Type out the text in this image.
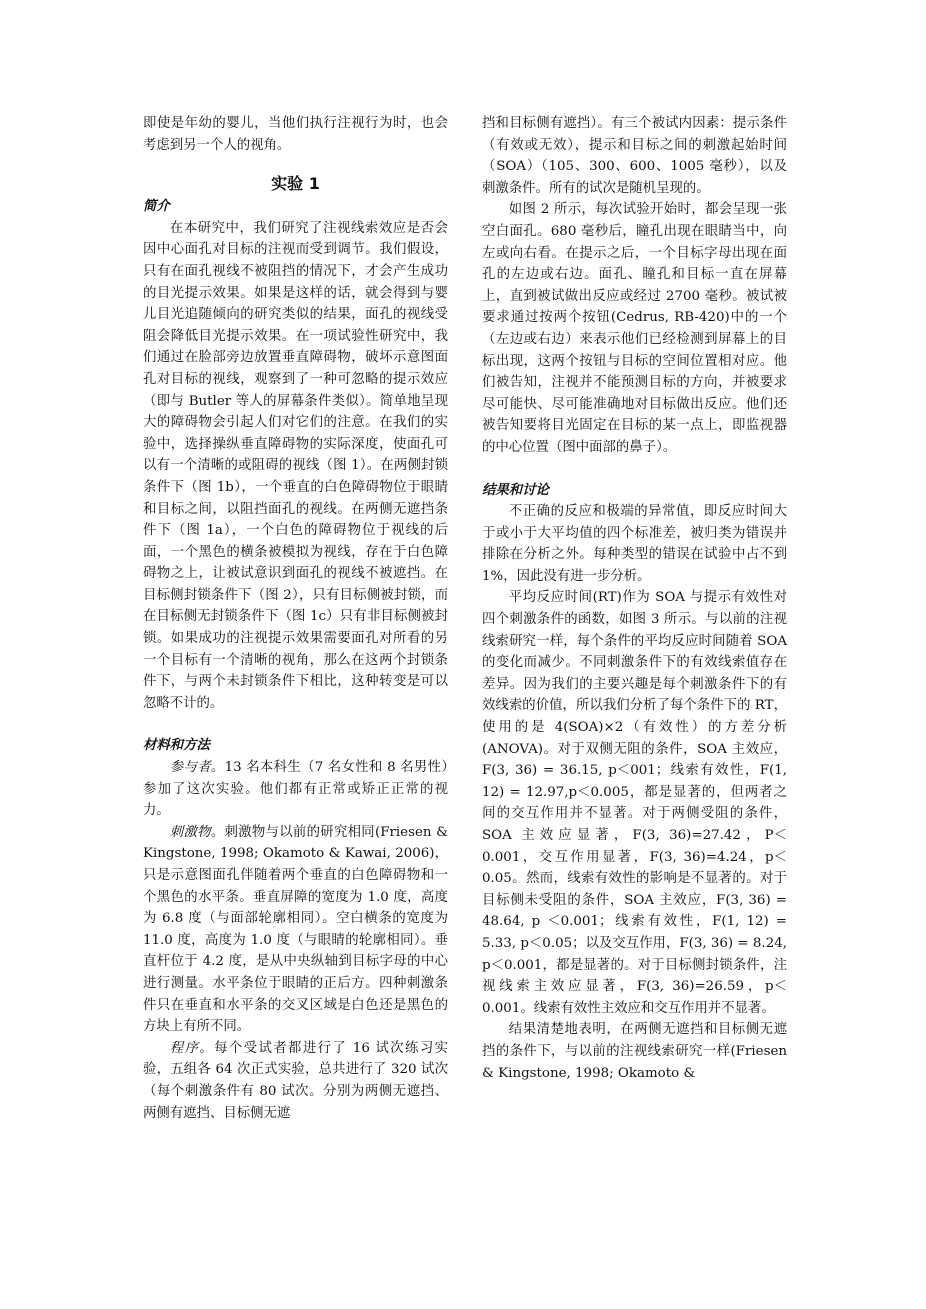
即使是年幼的婴儿，当他们执行注视行为时，也会考虑到另一个人的视角。

实验 1
简介

在本研究中，我们研究了注视线索效应是否会因中心面孔对目标的注视而受到调节。我们假设，只有在面孔视线不被阻挡的情况下，才会产生成功的目光提示效果。如果是这样的话，就会得到与婴儿目光追随倾向的研究类似的结果，面孔的视线受阻会降低目光提示效果。在一项试验性研究中，我们通过在脸部旁边放置垂直障碍物，破坏示意图面孔对目标的视线，观察到了一种可忽略的提示效应（即与 Butler 等人的屏幕条件类似）。简单地呈现大的障碍物会引起人们对它们的注意。在我们的实验中，选择操纵垂直障碍物的实际深度，使面孔可以有一个清晰的或阻碍的视线（图 1）。在两侧封锁条件下（图 1b），一个垂直的白色障碍物位于眼睛和目标之间，以阻挡面孔的视线。在两侧无遮挡条件下（图 1a），一个白色的障碍物位于视线的后面，一个黑色的横条被模拟为视线，存在于白色障碍物之上，让被试意识到面孔的视线不被遮挡。在目标侧封锁条件下（图 2），只有目标侧被封锁，而在目标侧无封锁条件下（图 1c）只有非目标侧被封锁。如果成功的注视提示效果需要面孔对所看的另一个目标有一个清晰的视角，那么在这两个封锁条件下，与两个未封锁条件下相比，这种转变是可以忽略不计的。

材料和方法

参与者。13 名本科生（7 名女性和 8 名男性）参加了这次实验。他们都有正常或矫正正常的视力。

刺激物。刺激物与以前的研究相同(Friesen & Kingstone, 1998; Okamoto & Kawai, 2006)，只是示意图面孔伴随着两个垂直的白色障碍物和一个黑色的水平条。垂直屏障的宽度为 1.0 度，高度为 6.8 度（与面部轮廓相同）。空白横条的宽度为 11.0 度，高度为 1.0 度（与眼睛的轮廓相同）。垂直杆位于 4.2 度，是从中央纵轴到目标字母的中心进行测量。水平条位于眼睛的正后方。四种刺激条件只在垂直和水平条的交叉区域是白色还是黑色的方块上有所不同。

程序。每个受试者都进行了 16 试次练习实验，五组各 64 次正式实验，总共进行了 320 试次（每个刺激条件有 80 试次。分别为两侧无遮挡、两侧有遮挡、目标侧无遮

挡和目标侧有遮挡）。有三个被试内因素：提示条件（有效或无效），提示和目标之间的刺激起始时间（SOA）（105、300、600、1005 毫秒），以及刺激条件。所有的试次是随机呈现的。

如图 2 所示，每次试验开始时，都会呈现一张空白面孔。680 毫秒后，瞳孔出现在眼睛当中，向左或向右看。在提示之后，一个目标字母出现在面孔的左边或右边。面孔、瞳孔和目标一直在屏幕上，直到被试做出反应或经过 2700 毫秒。被试被要求通过按两个按钮(Cedrus, RB-420)中的一个（左边或右边）来表示他们已经检测到屏幕上的目标出现，这两个按钮与目标的空间位置相对应。他们被告知，注视并不能预测目标的方向，并被要求尽可能快、尽可能准确地对目标做出反应。他们还被告知要将目光固定在目标的某一点上，即监视器的中心位置（图中面部的鼻子）。

结果和讨论

不正确的反应和极端的异常值，即反应时间大于或小于大平均值的四个标准差，被归类为错误并排除在分析之外。每种类型的错误在试验中占不到 1%，因此没有进一步分析。

平均反应时间(RT)作为 SOA 与提示有效性对四个刺激条件的函数，如图 3 所示。与以前的注视线索研究一样，每个条件的平均反应时间随着 SOA 的变化而减少。不同刺激条件下的有效线索值存在差异。因为我们的主要兴趣是每个刺激条件下的有效线索的价值，所以我们分析了每个条件下的 RT，使用的是 4(SOA)×2（有效性）的方差分析(ANOVA)。对于双侧无阻的条件，SOA 主效应，F(3, 36) = 36.15, p＜001；线索有效性，F(1, 12) = 12.97,p＜0.005，都是显著的，但两者之间的交互作用并不显著。对于两侧受阻的条件，SOA 主效应显著，F(3, 36)=27.42，P＜0.001，交互作用显著，F(3, 36)=4.24，p＜0.05。然而，线索有效性的影响是不显著的。对于目标侧未受阻的条件，SOA 主效应，F(3, 36) = 48.64, p ＜0.001；线索有效性，F(1, 12) = 5.33, p＜0.05；以及交互作用，F(3, 36) = 8.24, p＜0.001，都是显著的。对于目标侧封锁条件，注视线索主效应显著，F(3, 36)=26.59，p＜0.001。线索有效性主效应和交互作用并不显著。

结果清楚地表明，在两侧无遮挡和目标侧无遮挡的条件下，与以前的注视线索研究一样(Friesen & Kingstone, 1998; Okamoto &
